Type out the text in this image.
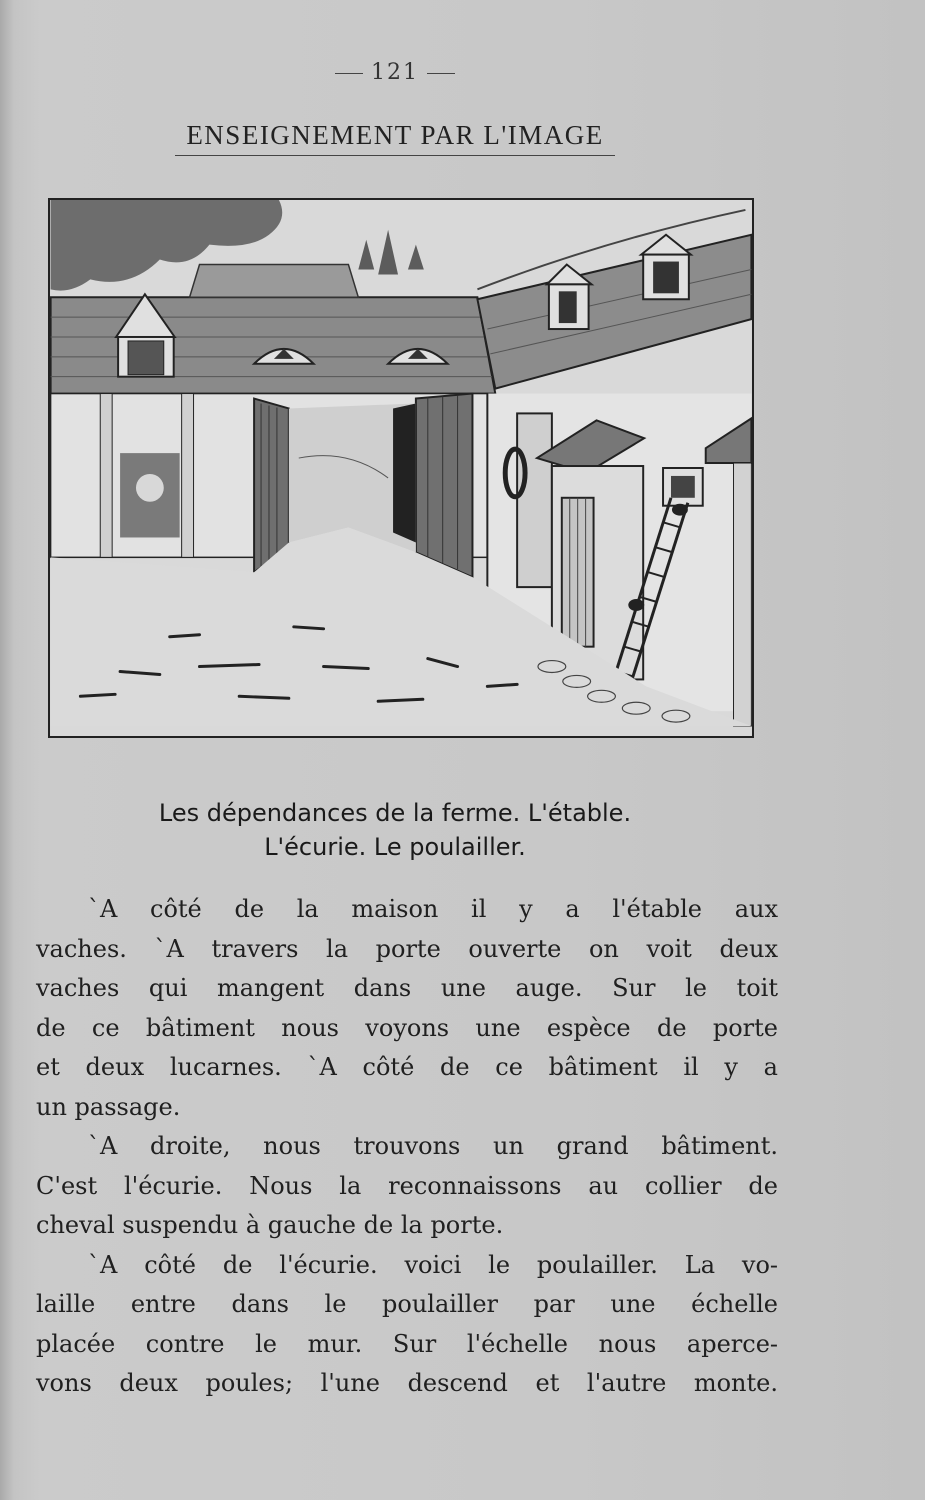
121
ENSEIGNEMENT PAR L'IMAGE
Les dépendances de la ferme. L'étable.
L'écurie. Le poulailler.
`A côté de la maison il y a l'étable aux
vaches. `A travers la porte ouverte on voit deux
vaches qui mangent dans une auge. Sur le toit
de ce bâtiment nous voyons une espèce de porte
et deux lucarnes. `A côté de ce bâtiment il y a
un passage.
`A droite, nous trouvons un grand bâtiment.
C'est l'écurie. Nous la reconnaissons au collier de
cheval suspendu à gauche de la porte.
`A côté de l'écurie. voici le poulailler. La vo-
laille entre dans le poulailler par une échelle
placée contre le mur. Sur l'échelle nous aperce-
vons deux poules; l'une descend et l'autre monte.
